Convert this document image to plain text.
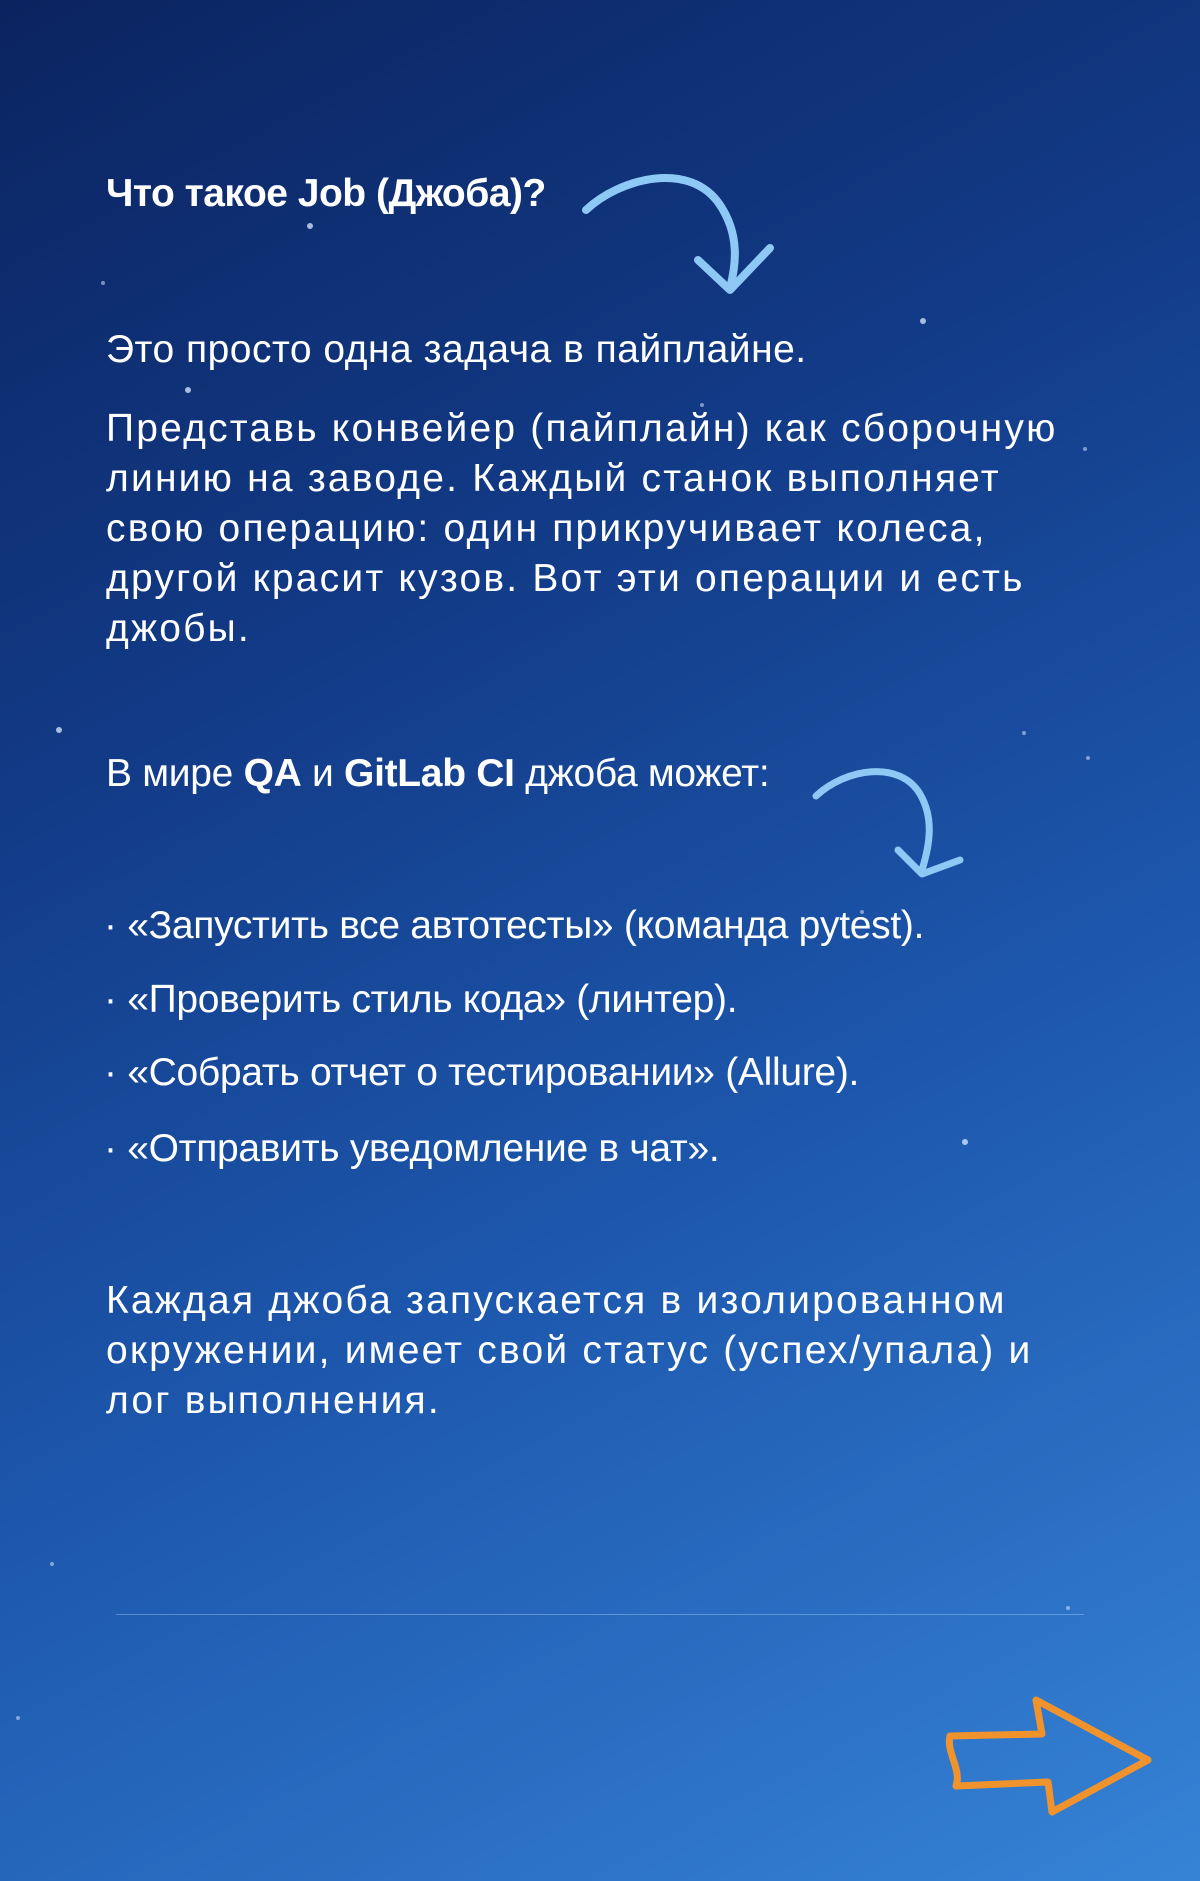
Что такое Job (Джоба)?

Это просто одна задача в пайплайне.

Представь конвейер (пайплайн) как сборочную
линию на заводе. Каждый станок выполняет
свою операцию: один прикручивает колеса,
другой красит кузов. Вот эти операции и есть
джобы.

В мире QA и GitLab CI джоба может:

· «Запустить все автотесты» (команда pytest).

· «Проверить стиль кода» (линтер).

· «Собрать отчет о тестировании» (Allure).

· «Отправить уведомление в чат».

Каждая джоба запускается в изолированном
окружении, имеет свой статус (успех/упала) и
лог выполнения.
